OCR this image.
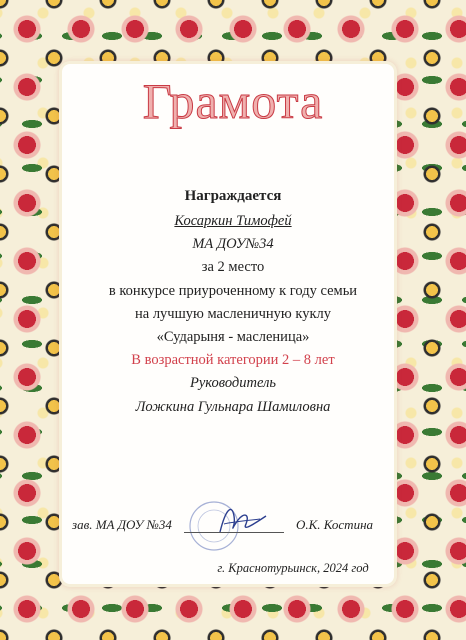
Грамота
Награждается
Косаркин Тимофей
МА ДОУ№34
за 2 место
в конкурсе приуроченному к году семьи
на лучшую масленичную куклу
«Сударыня - масленица»
В возрастной категории 2 – 8 лет
Руководитель
Ложкина Гульнара Шамиловна
зав. МА ДОУ №34	О.К. Костина
г. Краснотурьинск, 2024 год
